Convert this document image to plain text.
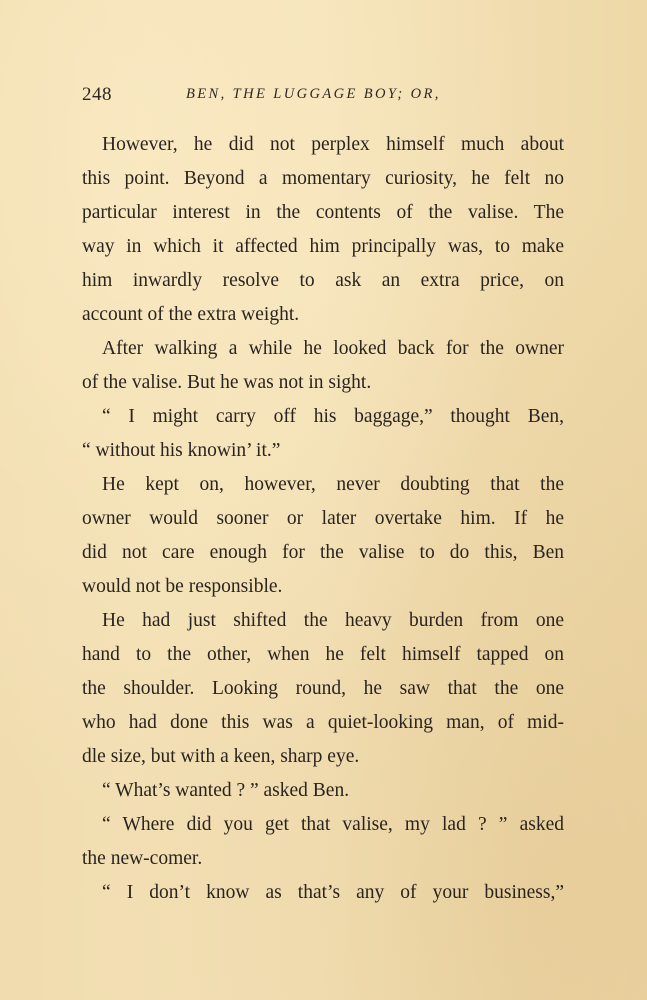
248	BEN, THE LUGGAGE BOY; OR,
However, he did not perplex himself much about
this point. Beyond a momentary curiosity, he felt no
particular interest in the contents of the valise. The
way in which it affected him principally was, to make
him inwardly resolve to ask an extra price, on
account of the extra weight.
After walking a while he looked back for the owner
of the valise. But he was not in sight.
“ I might carry off his baggage,” thought Ben,
“ without his knowin’ it.”
He kept on, however, never doubting that the
owner would sooner or later overtake him. If he
did not care enough for the valise to do this, Ben
would not be responsible.
He had just shifted the heavy burden from one
hand to the other, when he felt himself tapped on
the shoulder. Looking round, he saw that the one
who had done this was a quiet-looking man, of mid-
dle size, but with a keen, sharp eye.
“ What’s wanted ? ” asked Ben.
“ Where did you get that valise, my lad ? ” asked
the new-comer.
“ I don’t know as that’s any of your business,”
